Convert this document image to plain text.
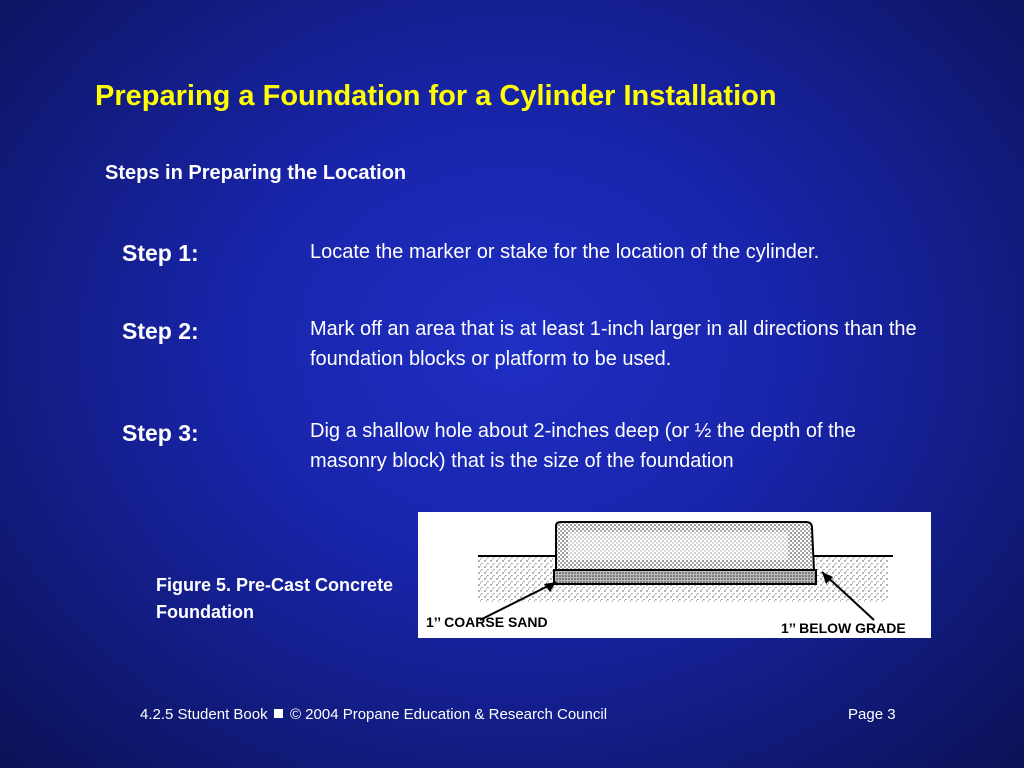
Preparing a Foundation for a Cylinder Installation
Steps in Preparing the Location
Step 1:	Locate the marker or stake for the location of the cylinder.
Step 2:	Mark off an area that is at least 1-inch larger in all directions than the foundation blocks or platform to be used.
Step 3:	Dig a shallow hole about 2-inches deep (or ½ the depth of the masonry block) that is the size of the foundation
Figure 5. Pre-Cast Concrete Foundation	1’’ COARSE SAND	1’’ BELOW GRADE
4.2.5 Student Book © 2004 Propane Education & Research Council	Page 3
